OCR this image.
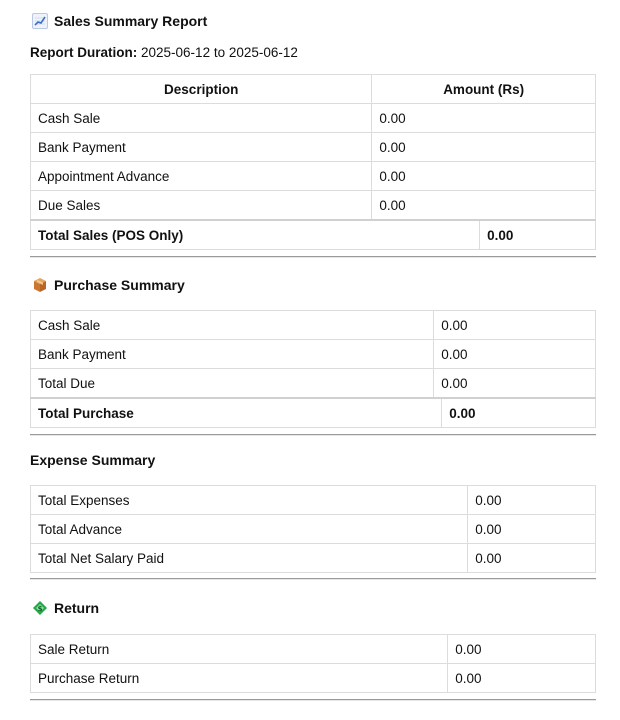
Sales Summary Report
Report Duration: 2025-06-12 to 2025-06-12
Description	Amount (Rs)
Cash Sale	0.00
Bank Payment	0.00
Appointment Advance	0.00
Due Sales	0.00
Total Sales (POS Only)	0.00
Purchase Summary
Cash Sale	0.00
Bank Payment	0.00
Total Due	0.00
Total Purchase	0.00
Expense Summary
Total Expenses	0.00
Total Advance	0.00
Total Net Salary Paid	0.00
$ Return
Sale Return	0.00
Purchase Return	0.00
